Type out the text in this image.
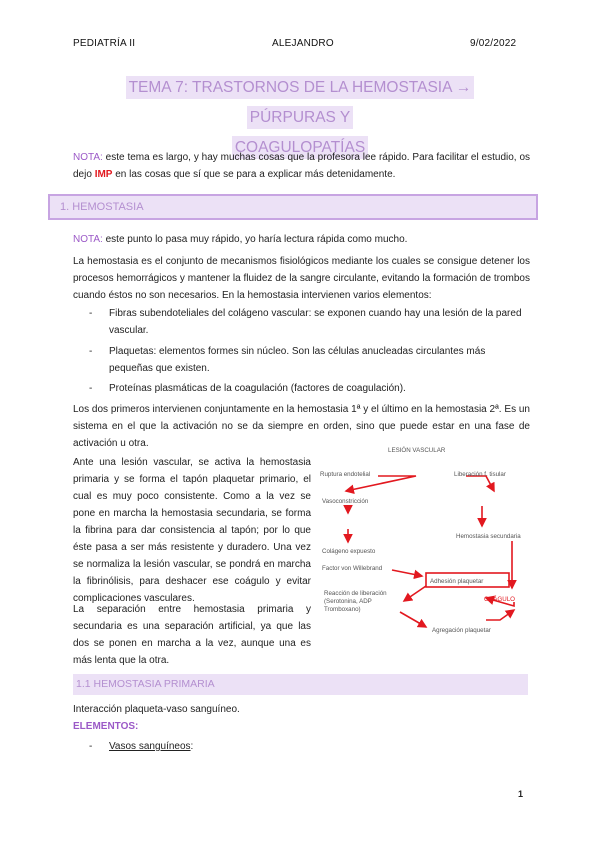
PEDIATRÍA II	ALEJANDRO	9/02/2022
TEMA 7: TRASTORNOS DE LA HEMOSTASIA → PÚRPURAS Y
COAGULOPATÍAS

NOTA: este tema es largo, y hay muchas cosas que la profesora lee rápido. Para facilitar el estudio, os dejo IMP en las cosas que sí que se para a explicar más detenidamente.

1. HEMOSTASIA

NOTA: este punto lo pasa muy rápido, yo haría lectura rápida como mucho.

La hemostasia es el conjunto de mecanismos fisiológicos mediante los cuales se consigue detener los procesos hemorrágicos y mantener la fluidez de la sangre circulante, evitando la formación de trombos cuando éstos no son necesarios. En la hemostasia intervienen varios elementos:

- Fibras subendoteliales del colágeno vascular: se exponen cuando hay una lesión de la pared vascular.
- Plaquetas: elementos formes sin núcleo. Son las células anucleadas circulantes más pequeñas que existen.
- Proteínas plasmáticas de la coagulación (factores de coagulación).

Los dos primeros intervienen conjuntamente en la hemostasia 1ª y el último en la hemostasia 2ª. Es un sistema en el que la activación no se da siempre en orden, sino que puede estar en una fase de activación u otra.

Ante una lesión vascular, se activa la hemostasia primaria y se forma el tapón plaquetar primario, el cual es muy poco consistente. Como a la vez se pone en marcha la hemostasia secundaria, se forma la fibrina para dar consistencia al tapón; por lo que éste pasa a ser más resistente y duradero. Una vez se normaliza la lesión vascular, se pondrá en marcha la fibrinólisis, para deshacer ese coágulo y evitar complicaciones vasculares.

La separación entre hemostasia primaria y secundaria es una separación artificial, ya que las dos se ponen en marcha a la vez, aunque una es más lenta que la otra.

LESIÓN VASCULAR
Ruptura endotelial	Liberación f. tisular
Vasoconstricción
Hemostasia secundaria
Colágeno expuesto
Factor von Willebrand
Adhesión plaquetar
Reacción de liberación
(Serotonina, ADP
Tromboxano)
Agregación plaquetar
COÁGULO
1.1 HEMOSTASIA PRIMARIA

Interacción plaqueta-vaso sanguíneo.

ELEMENTOS:
- Vasos sanguíneos:
1
